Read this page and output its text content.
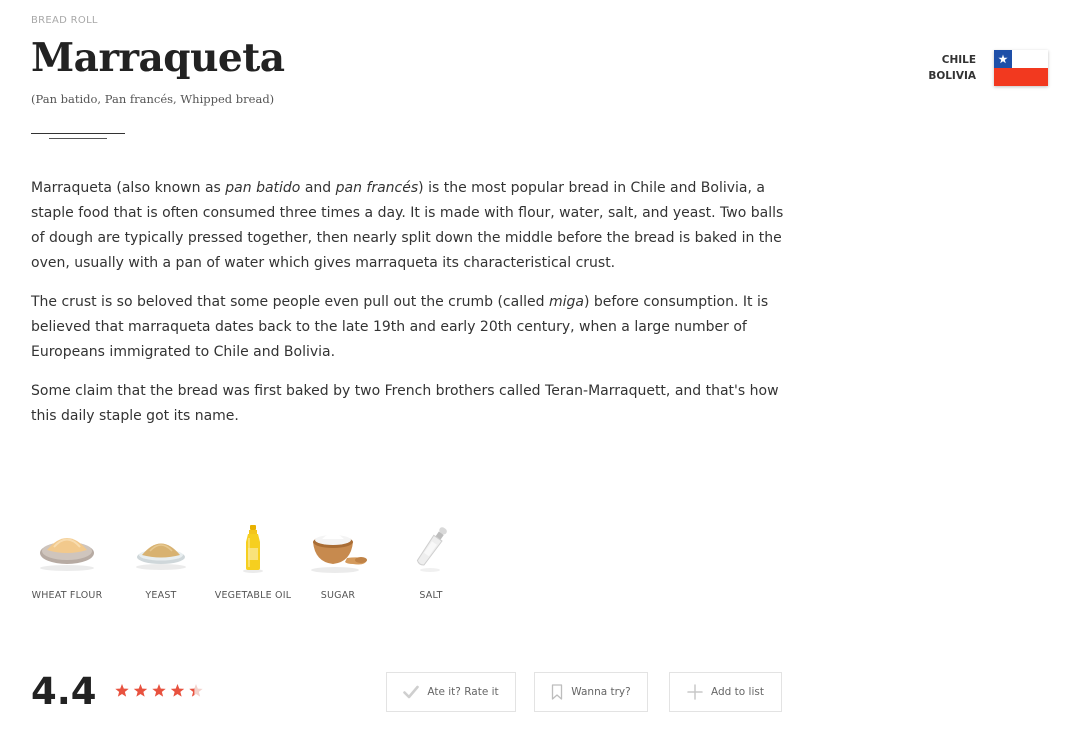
BREAD ROLL
Marraqueta
(Pan batido, Pan francés, Whipped bread)
CHILE
BOLIVIA

Marraqueta (also known as pan batido and pan francés) is the most popular bread in Chile and Bolivia, a staple food that is often consumed three times a day. It is made with flour, water, salt, and yeast. Two balls of dough are typically pressed together, then nearly split down the middle before the bread is baked in the oven, usually with a pan of water which gives marraqueta its characteristical crust.

The crust is so beloved that some people even pull out the crumb (called miga) before consumption. It is believed that marraqueta dates back to the late 19th and early 20th century, when a large number of Europeans immigrated to Chile and Bolivia.

Some claim that the bread was first baked by two French brothers called Teran-Marraquett, and that's how this daily staple got its name.

WHEAT FLOUR	YEAST	VEGETABLE OIL	SUGAR	SALT
4.4	Ate it? Rate it	Wanna try?	Add to list
